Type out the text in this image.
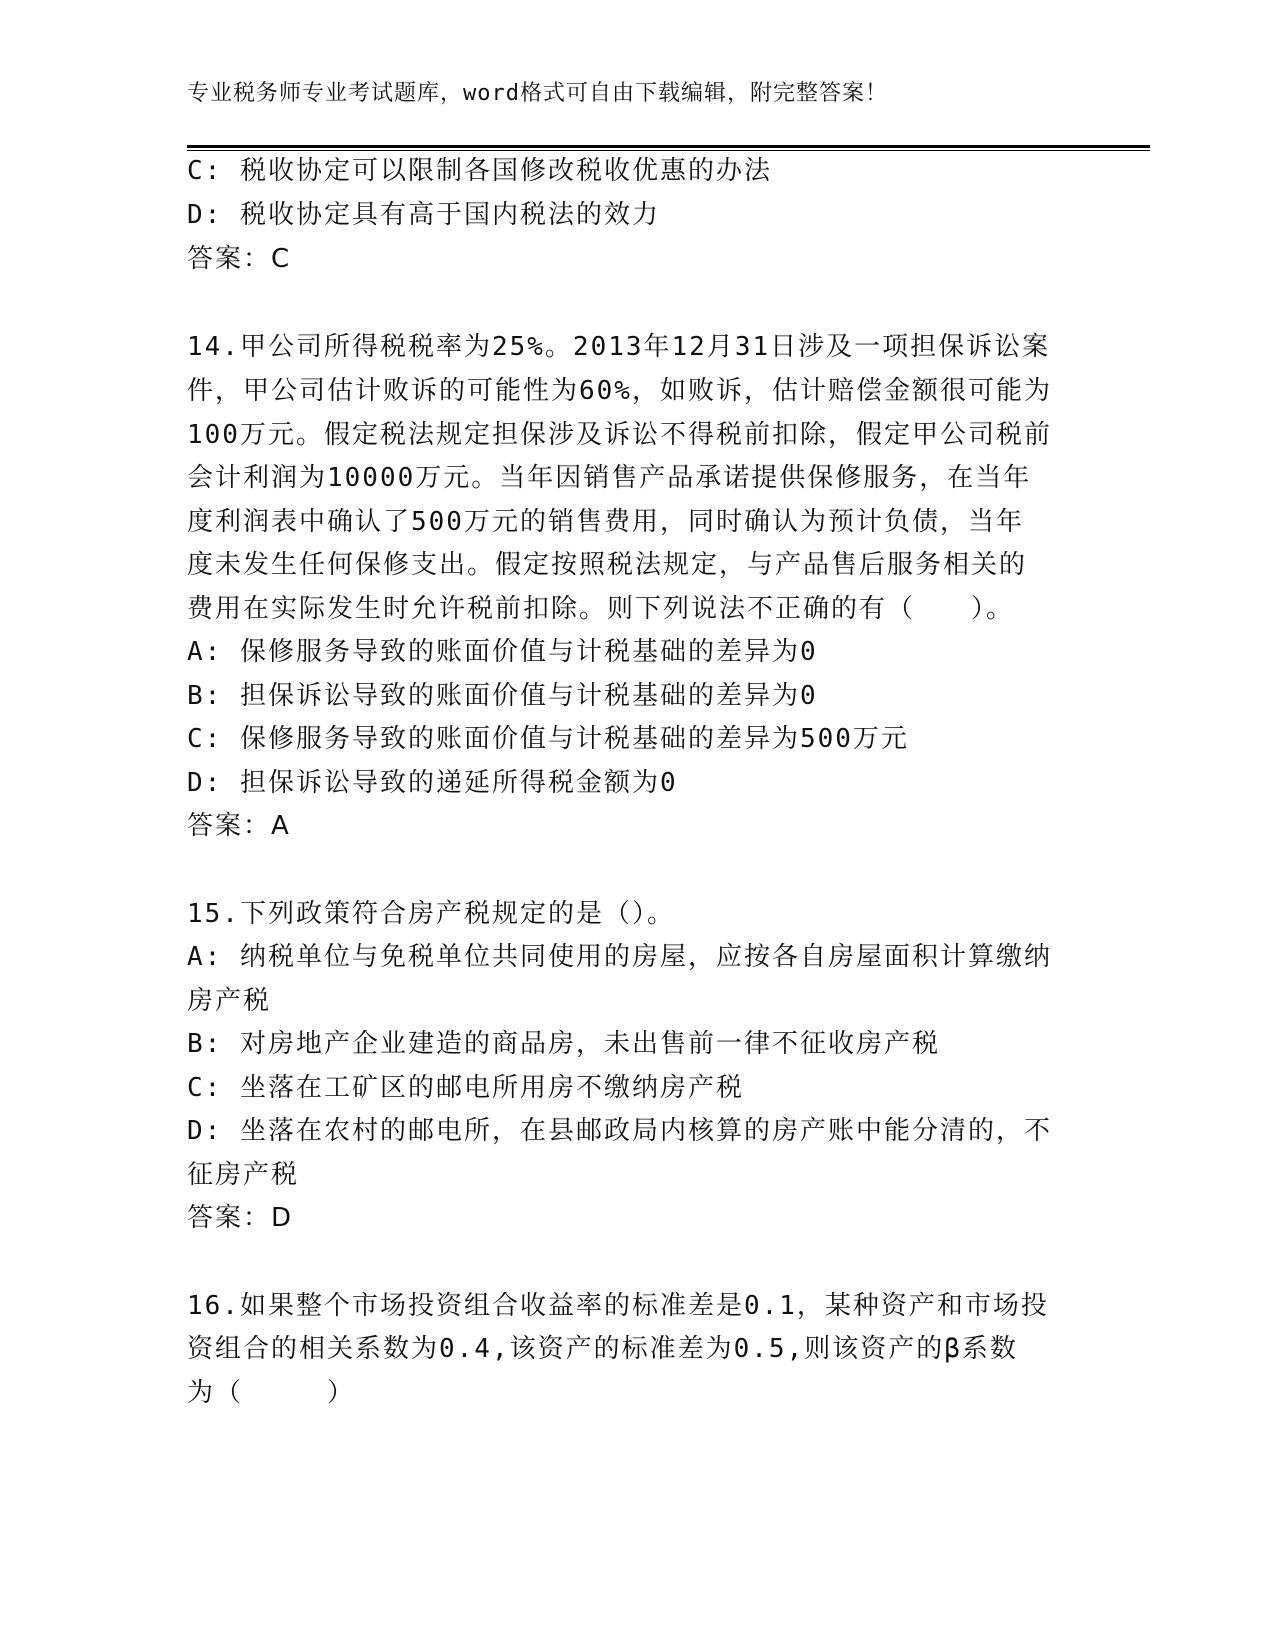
专业税务师专业考试题库，word格式可自由下载编辑，附完整答案！
C: 税收协定可以限制各国修改税收优惠的办法
D: 税收协定具有高于国内税法的效力
答案：C
14.甲公司所得税税率为25%。2013年12月31日涉及一项担保诉讼案
件，甲公司估计败诉的可能性为60%，如败诉，估计赔偿金额很可能为
100万元。假定税法规定担保涉及诉讼不得税前扣除，假定甲公司税前
会计利润为10000万元。当年因销售产品承诺提供保修服务，在当年
度利润表中确认了500万元的销售费用，同时确认为预计负债，当年
度未发生任何保修支出。假定按照税法规定，与产品售后服务相关的
费用在实际发生时允许税前扣除。则下列说法不正确的有（　　）。
A: 保修服务导致的账面价值与计税基础的差异为0
B: 担保诉讼导致的账面价值与计税基础的差异为0
C: 保修服务导致的账面价值与计税基础的差异为500万元
D: 担保诉讼导致的递延所得税金额为0
答案：A
15.下列政策符合房产税规定的是（）。
A: 纳税单位与免税单位共同使用的房屋，应按各自房屋面积计算缴纳
房产税
B: 对房地产企业建造的商品房，未出售前一律不征收房产税
C: 坐落在工矿区的邮电所用房不缴纳房产税
D: 坐落在农村的邮电所，在县邮政局内核算的房产账中能分清的，不
征房产税
答案：D
16.如果整个市场投资组合收益率的标准差是0.1，某种资产和市场投
资组合的相关系数为0.4,该资产的标准差为0.5,则该资产的β系数
为（　　　）
